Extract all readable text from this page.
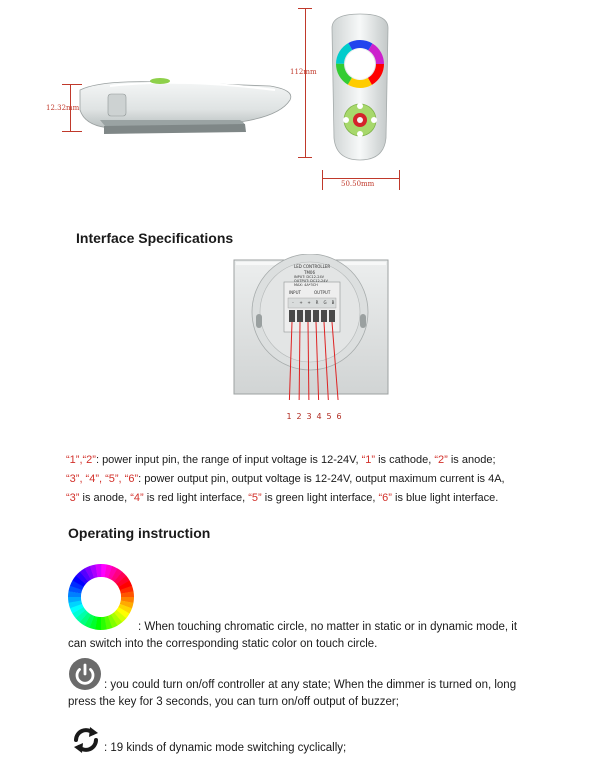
12.32mm
112mm
50.50mm
Interface Specifications
LED CONTROLLER
TM06
INPUT: DC12-24V
OUTPUT: DC12-24V
MAX: 4A*3CH
INPUT	OUTPUT
- + + R G B
1 2 3 4 5 6
“1”,“2”: power input pin, the range of input voltage is 12-24V, “1” is cathode, “2” is anode;
“3”, “4”, “5”, “6”: power output pin, output voltage is 12-24V, output maximum current is 4A,
“3” is anode, “4” is red light interface, “5” is green light interface, “6” is blue light interface.
Operating instruction
: When touching chromatic circle, no matter in static or in dynamic mode, it
can switch into the corresponding static color on touch circle.
: you could turn on/off controller at any state; When the dimmer is turned on, long
press the key for 3 seconds, you can turn on/off output of buzzer;
: 19 kinds of dynamic mode switching cyclically;
